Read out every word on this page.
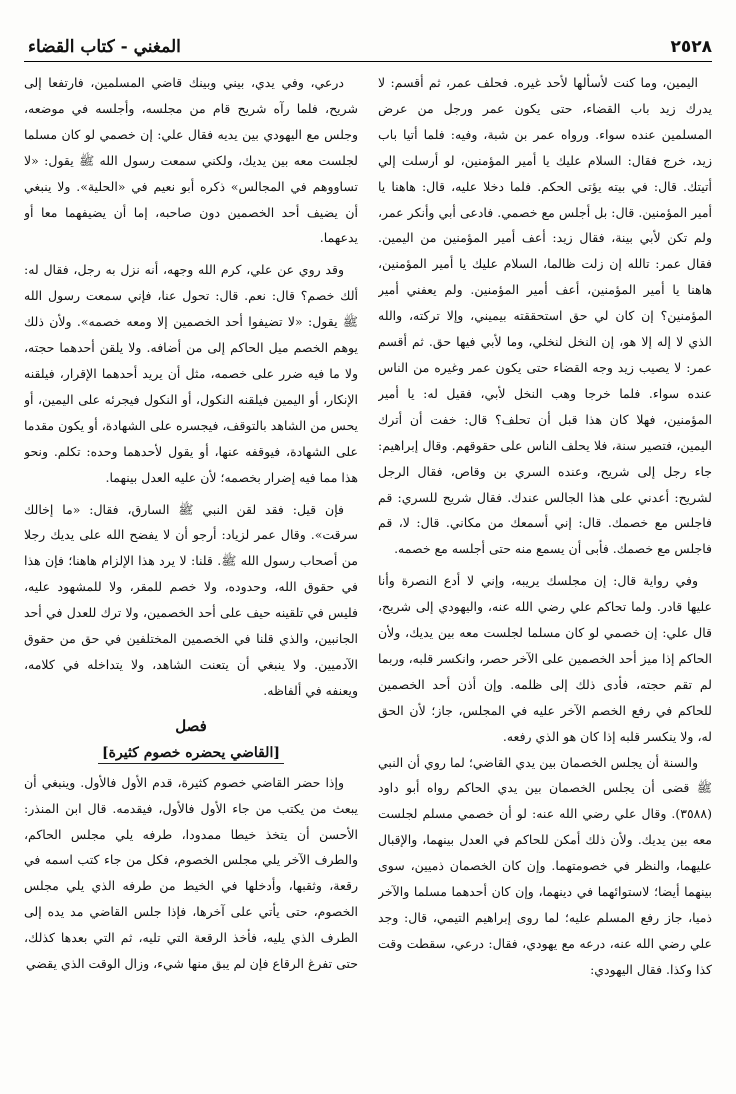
٢٥٢٨
المغني - كتاب القضاء

اليمين، وما كنت لأسألها لأحد غيره. فحلف عمر، ثم أقسم: لا يدرك زيد باب القضاء، حتى يكون عمر ورجل من عرض المسلمين عنده سواء. ورواه عمر بن شبة، وفيه: فلما أتيا باب زيد، خرج فقال: السلام عليك يا أمير المؤمنين، لو أرسلت إلي أتيتك. قال: في بيته يؤتى الحكم. فلما دخلا عليه، قال: هاهنا يا أمير المؤمنين. قال: بل أجلس مع خصمي. فادعى أبي وأنكر عمر، ولم تكن لأبي بينة، فقال زيد: أعف أمير المؤمنين من اليمين. فقال عمر: تالله إن زلت ظالما، السلام عليك يا أمير المؤمنين، هاهنا يا أمير المؤمنين، أعف أمير المؤمنين. ولم يعفني أمير المؤمنين؟ إن كان لي حق استحققته بيميني، وإلا تركته، والله الذي لا إله إلا هو، إن النخل لنخلي، وما لأبي فيها حق. ثم أقسم عمر: لا يصيب زيد وجه القضاء حتى يكون عمر وغيره من الناس عنده سواء. فلما خرجا وهب النخل لأبي، فقيل له: يا أمير المؤمنين، فهلا كان هذا قبل أن تحلف؟ قال: خفت أن أترك اليمين، فتصير سنة، فلا يحلف الناس على حقوقهم. وقال إبراهيم: جاء رجل إلى شريح، وعنده السري بن وقاص، فقال الرجل لشريح: أعدني على هذا الجالس عندك. فقال شريح للسري: قم فاجلس مع خصمك. قال: إني أسمعك من مكاني. قال: لا، قم فاجلس مع خصمك. فأبى أن يسمع منه حتى أجلسه مع خصمه.

وفي رواية قال: إن مجلسك يريبه، وإني لا أدع النصرة وأنا عليها قادر. ولما تحاكم علي رضي الله عنه، واليهودي إلى شريح، قال علي: إن خصمي لو كان مسلما لجلست معه بين يديك، ولأن الحاكم إذا ميز أحد الخصمين على الآخر حصر، وانكسر قلبه، وربما لم تقم حجته، فأدى ذلك إلى ظلمه. وإن أذن أحد الخصمين للحاكم في رفع الخصم الآخر عليه في المجلس، جاز؛ لأن الحق له، ولا ينكسر قلبه إذا كان هو الذي رفعه.

والسنة أن يجلس الخصمان بين يدي القاضي؛ لما روي أن النبي ﷺ قضى أن يجلس الخصمان بين يدي الحاكم رواه أبو داود (٣٥٨٨). وقال علي رضي الله عنه: لو أن خصمي مسلم لجلست معه بين يديك. ولأن ذلك أمكن للحاكم في العدل بينهما، والإقبال عليهما، والنظر في خصومتهما. وإن كان الخصمان ذميين، سوى بينهما أيضا؛ لاستوائهما في دينهما، وإن كان أحدهما مسلما والآخر ذميا، جاز رفع المسلم عليه؛ لما روى إبراهيم التيمي، قال: وجد علي رضي الله عنه، درعه مع يهودي، فقال: درعي، سقطت وقت كذا وكذا. فقال اليهودي:

درعي، وفي يدي، بيني وبينك قاضي المسلمين، فارتفعا إلى شريح، فلما رآه شريح قام من مجلسه، وأجلسه في موضعه، وجلس مع اليهودي بين يديه فقال علي: إن خصمي لو كان مسلما لجلست معه بين يديك، ولكني سمعت رسول الله ﷺ يقول: «لا تساووهم في المجالس» ذكره أبو نعيم في «الحلية». ولا ينبغي أن يضيف أحد الخصمين دون صاحبه، إما أن يضيفهما معا أو يدعهما.

وقد روي عن علي، كرم الله وجهه، أنه نزل به رجل، فقال له: ألك خصم؟ قال: نعم. قال: تحول عنا، فإني سمعت رسول الله ﷺ يقول: «لا تضيفوا أحد الخصمين إلا ومعه خصمه». ولأن ذلك يوهم الخصم ميل الحاكم إلى من أضافه. ولا يلقن أحدهما حجته، ولا ما فيه ضرر على خصمه، مثل أن يريد أحدهما الإقرار، فيلقنه الإنكار، أو اليمين فيلقنه النكول، أو النكول فيجرئه على اليمين، أو يحس من الشاهد بالتوقف، فيجسره على الشهادة، أو يكون مقدما على الشهادة، فيوقفه عنها، أو يقول لأحدهما وحده: تكلم. ونحو هذا مما فيه إضرار بخصمه؛ لأن عليه العدل بينهما.

فإن قيل: فقد لقن النبي ﷺ السارق، فقال: «ما إخالك سرقت». وقال عمر لزياد: أرجو أن لا يفضح الله على يديك رجلا من أصحاب رسول الله ﷺ. قلنا: لا يرد هذا الإلزام هاهنا؛ فإن هذا في حقوق الله، وحدوده، ولا خصم للمقر، ولا للمشهود عليه، فليس في تلقينه حيف على أحد الخصمين، ولا ترك للعدل في أحد الجانبين، والذي قلنا في الخصمين المختلفين في حق من حقوق الآدميين. ولا ينبغي أن يتعنت الشاهد، ولا يتداخله في كلامه، ويعنفه في ألفاظه.

فصل
[القاضي يحضره خصوم كثيرة]

وإذا حضر القاضي خصوم كثيرة، قدم الأول فالأول. وينبغي أن يبعث من يكتب من جاء الأول فالأول، فيقدمه. قال ابن المنذر: الأحسن أن يتخذ خيطا ممدودا، طرفه يلي مجلس الحاكم، والطرف الآخر يلي مجلس الخصوم، فكل من جاء كتب اسمه في رقعة، وثقبها، وأدخلها في الخيط من طرفه الذي يلي مجلس الخصوم، حتى يأتي على آخرها، فإذا جلس القاضي مد يده إلى الطرف الذي يليه، فأخذ الرقعة التي تليه، ثم التي بعدها كذلك، حتى تفرغ الرقاع فإن لم يبق منها شيء، وزال الوقت الذي يقضي
